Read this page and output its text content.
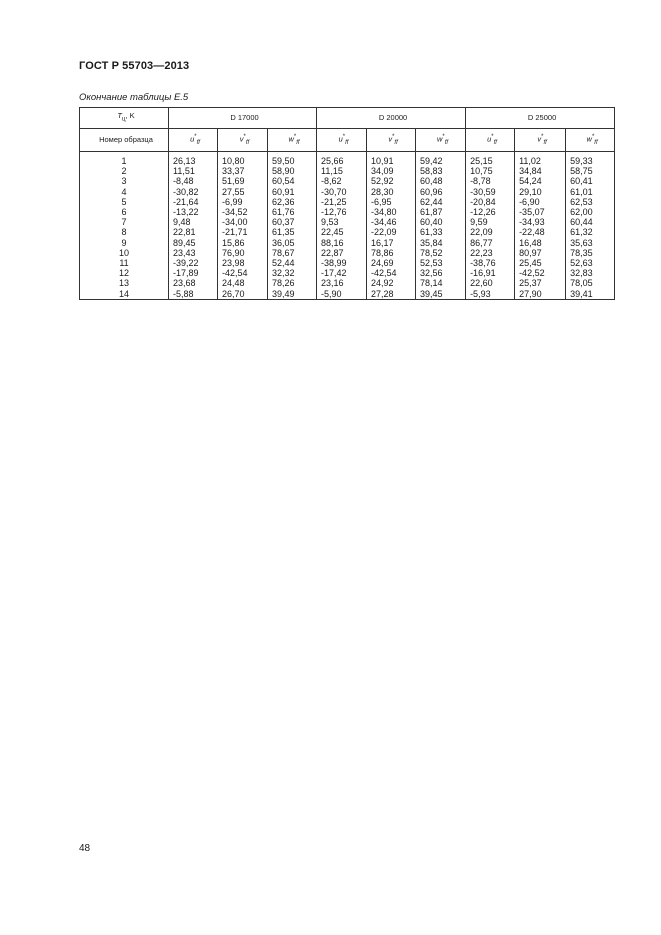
ГОСТ Р 55703—2013
Окончание таблицы Е.5
$T_ц$, K	D 17000			D 20000			D 25000		
Номер образца	$u^*_{ff}$	$v^*_{ff}$	$w^*_{ff}$	$u^*_{ff}$	$v^*_{ff}$	$w^*_{ff}$	$u^*_{ff}$	$v^*_{ff}$	$w^*_{ff}$
1	26,13	10,80	59,50	25,66	10,91	59,42	25,15	11,02	59,33
2	11,51	33,37	58,90	11,15	34,09	58,83	10,75	34,84	58,75
3	-8,48	51,69	60,54	-8,62	52,92	60,48	-8,78	54,24	60,41
4	-30,82	27,55	60,91	-30,70	28,30	60,96	-30,59	29,10	61,01
5	-21,64	-6,99	62,36	-21,25	-6,95	62,44	-20,84	-6,90	62,53
6	-13,22	-34,52	61,76	-12,76	-34,80	61,87	-12,26	-35,07	62,00
7	9,48	-34,00	60,37	9,53	-34,46	60,40	9,59	-34,93	60,44
8	22,81	-21,71	61,35	22,45	-22,09	61,33	22,09	-22,48	61,32
9	89,45	15,86	36,05	88,16	16,17	35,84	86,77	16,48	35,63
10	23,43	76,90	78,67	22,87	78,86	78,52	22,23	80,97	78,35
11	-39,22	23,98	52,44	-38,99	24,69	52,53	-38,76	25,45	52,63
12	-17,89	-42,54	32,32	-17,42	-42,54	32,56	-16,91	-42,52	32,83
13	23,68	24,48	78,26	23,16	24,92	78,14	22,60	25,37	78,05
14	-5,88	26,70	39,49	-5,90	27,28	39,45	-5,93	27,90	39,41
48
